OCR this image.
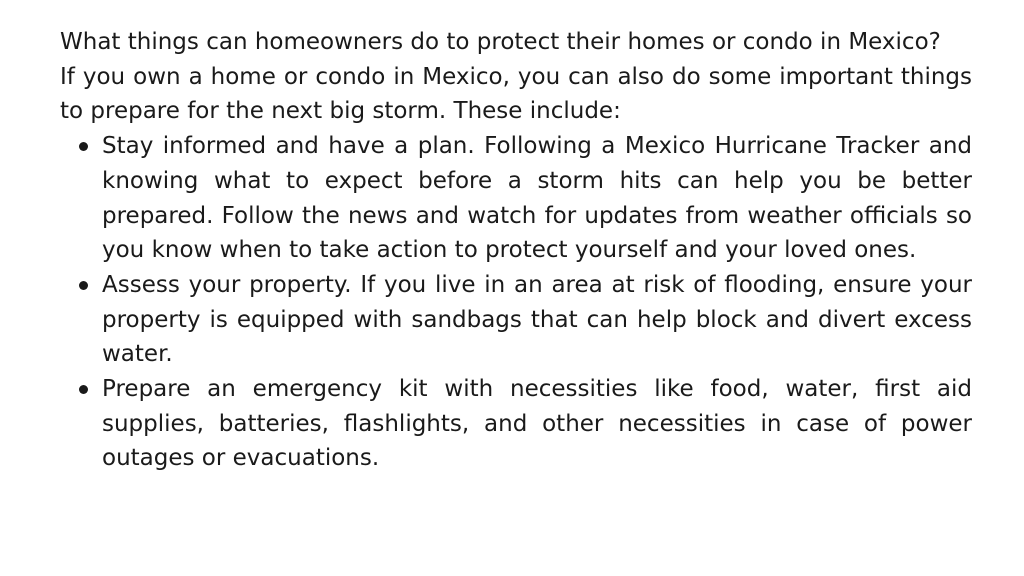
What things can homeowners do to protect their homes or condo in Mexico?

If you own a home or condo in Mexico, you can also do some important things to prepare for the next big storm. These include:

Stay informed and have a plan. Following a Mexico Hurricane Tracker and knowing what to expect before a storm hits can help you be better prepared. Follow the news and watch for updates from weather officials so you know when to take action to protect yourself and your loved ones.
Assess your property. If you live in an area at risk of flooding, ensure your property is equipped with sandbags that can help block and divert excess water.
Prepare an emergency kit with necessities like food, water, first aid supplies, batteries, flashlights, and other necessities in case of power outages or evacuations.
